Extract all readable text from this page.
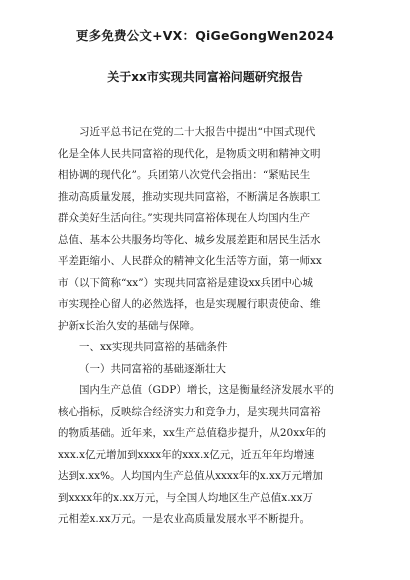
更多免费公文+VX：QiGeGongWen2024
关于xx市实现共同富裕问题研究报告
习近平总书记在党的二十大报告中提出“中国式现代
化是全体人民共同富裕的现代化，是物质文明和精神文明
相协调的现代化”。兵团第八次党代会指出：“紧贴民生
推动高质量发展，推动实现共同富裕，不断满足各族职工
群众美好生活向往。”实现共同富裕体现在人均国内生产
总值、基本公共服务均等化、城乡发展差距和居民生活水
平差距缩小、人民群众的精神文化生活等方面，第一师xx
市（以下简称“xx”）实现共同富裕是建设xx兵团中心城
市实现拴心留人的必然选择，也是实现履行职责使命、维
护新x长治久安的基础与保障。
一、xx实现共同富裕的基础条件
（一）共同富裕的基础逐渐壮大
国内生产总值（GDP）增长，这是衡量经济发展水平的
核心指标，反映综合经济实力和竞争力，是实现共同富裕
的物质基础。近年来，xx生产总值稳步提升，从20xx年的
xxx.x亿元增加到xxxx年的xxx.x亿元，近五年年均增速
达到x.xx%。人均国内生产总值从xxxx年的x.xx万元增加
到xxxx年的x.xx万元，与全国人均地区生产总值x.xx万
元相差x.xx万元。一是农业高质量发展水平不断提升。
